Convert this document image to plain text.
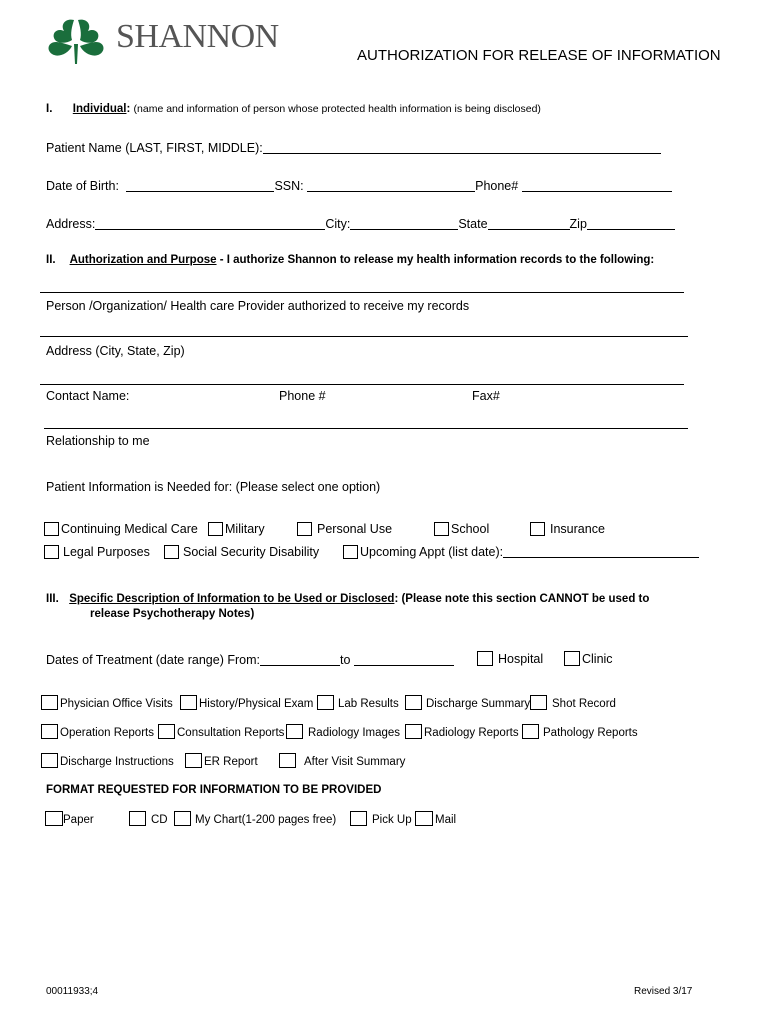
SHANNON
AUTHORIZATION FOR RELEASE OF INFORMATION
I. Individual: (name and information of person whose protected health information is being disclosed)
Patient Name (LAST, FIRST, MIDDLE):
Date of Birth:	SSN:	Phone#
Address:	City:	State	Zip
II. Authorization and Purpose - I authorize Shannon to release my health information records to the following:
Person /Organization/ Health care Provider authorized to receive my records
Address (City, State, Zip)
Contact Name:	Phone #	Fax#
Relationship to me
Patient Information is Needed for: (Please select one option)
Continuing Medical Care	Military	Personal Use	School	Insurance
Legal Purposes	Social Security Disability	Upcoming Appt (list date):
III. Specific Description of Information to be Used or Disclosed: (Please note this section CANNOT be used to
release Psychotherapy Notes)
Dates of Treatment (date range) From:	to	Hospital	Clinic
Physician Office Visits	History/Physical Exam	Lab Results	Discharge Summary	Shot Record
Operation Reports	Consultation Reports	Radiology Images	Radiology Reports	Pathology Reports
Discharge Instructions	ER Report	After Visit Summary
FORMAT REQUESTED FOR INFORMATION TO BE PROVIDED
Paper	CD	My Chart(1-200 pages free)	Pick Up	Mail
00011933;4	Revised 3/17
